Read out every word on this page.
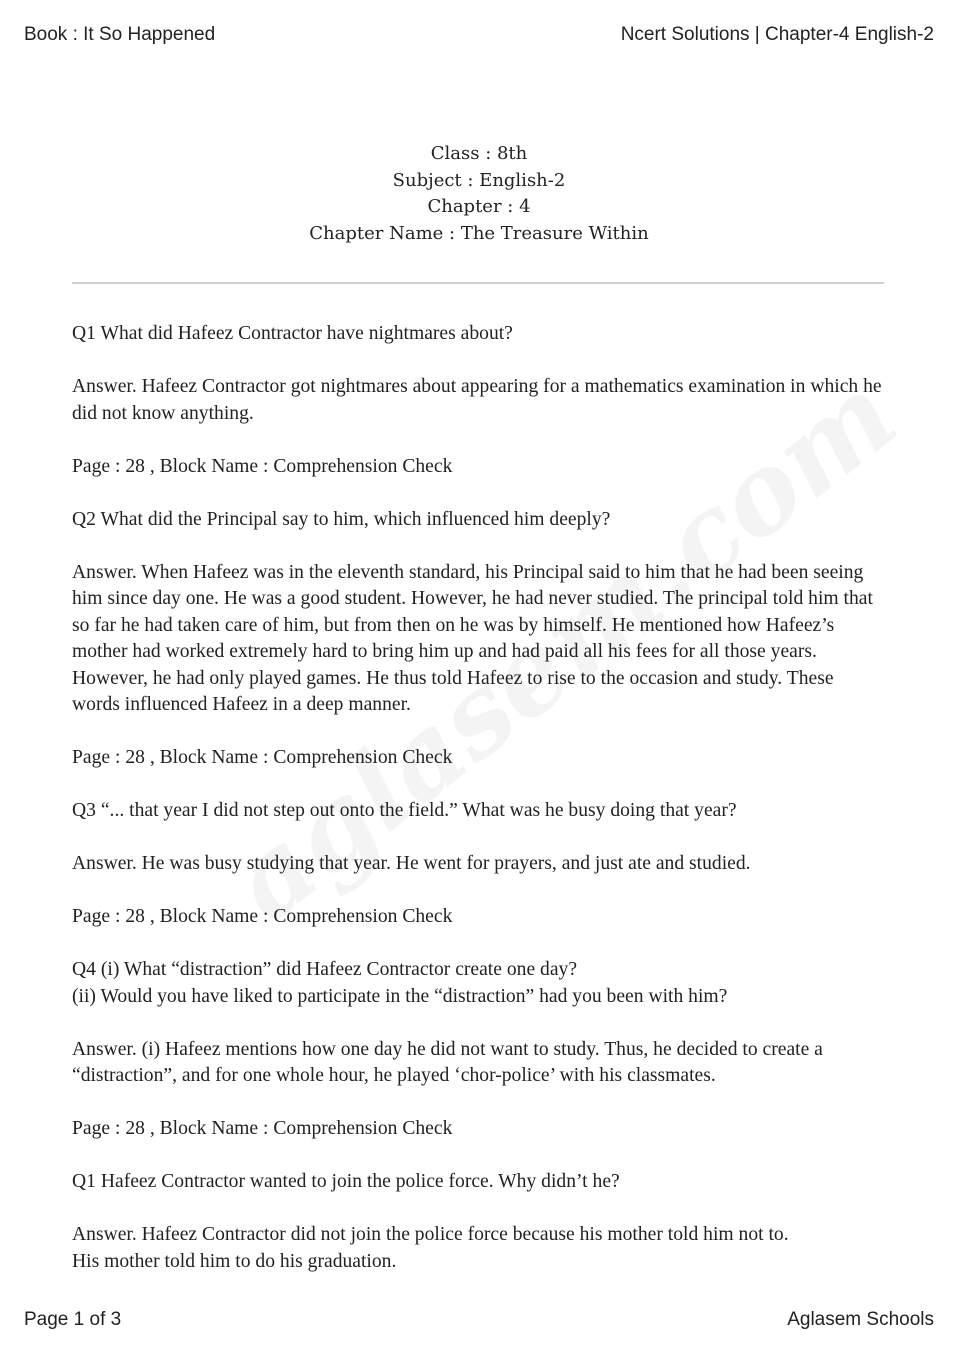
Book : It So Happened	Ncert Solutions | Chapter-4 English-2
Class : 8th
Subject : English-2
Chapter : 4
Chapter Name : The Treasure Within

Q1 What did Hafeez Contractor have nightmares about?

Answer. Hafeez Contractor got nightmares about appearing for a mathematics examination in which he did not know anything.

Page : 28 , Block Name : Comprehension Check

Q2 What did the Principal say to him, which influenced him deeply?

Answer. When Hafeez was in the eleventh standard, his Principal said to him that he had been seeing him since day one. He was a good student. However, he had never studied. The principal told him that so far he had taken care of him, but from then on he was by himself. He mentioned how Hafeez’s mother had worked extremely hard to bring him up and had paid all his fees for all those years. However, he had only played games. He thus told Hafeez to rise to the occasion and study. These words influenced Hafeez in a deep manner.

Page : 28 , Block Name : Comprehension Check

Q3 “... that year I did not step out onto the field.” What was he busy doing that year?

Answer. He was busy studying that year. He went for prayers, and just ate and studied.

Page : 28 , Block Name : Comprehension Check

Q4 (i) What “distraction” did Hafeez Contractor create one day?

(ii) Would you have liked to participate in the “distraction” had you been with him?

Answer. (i) Hafeez mentions how one day he did not want to study. Thus, he decided to create a “distraction”, and for one whole hour, he played ‘chor-police’ with his classmates.

Page : 28 , Block Name : Comprehension Check

Q1 Hafeez Contractor wanted to join the police force. Why didn’t he?

Answer. Hafeez Contractor did not join the police force because his mother told him not to.

His mother told him to do his graduation.

Page 1 of 3	Aglasem Schools
